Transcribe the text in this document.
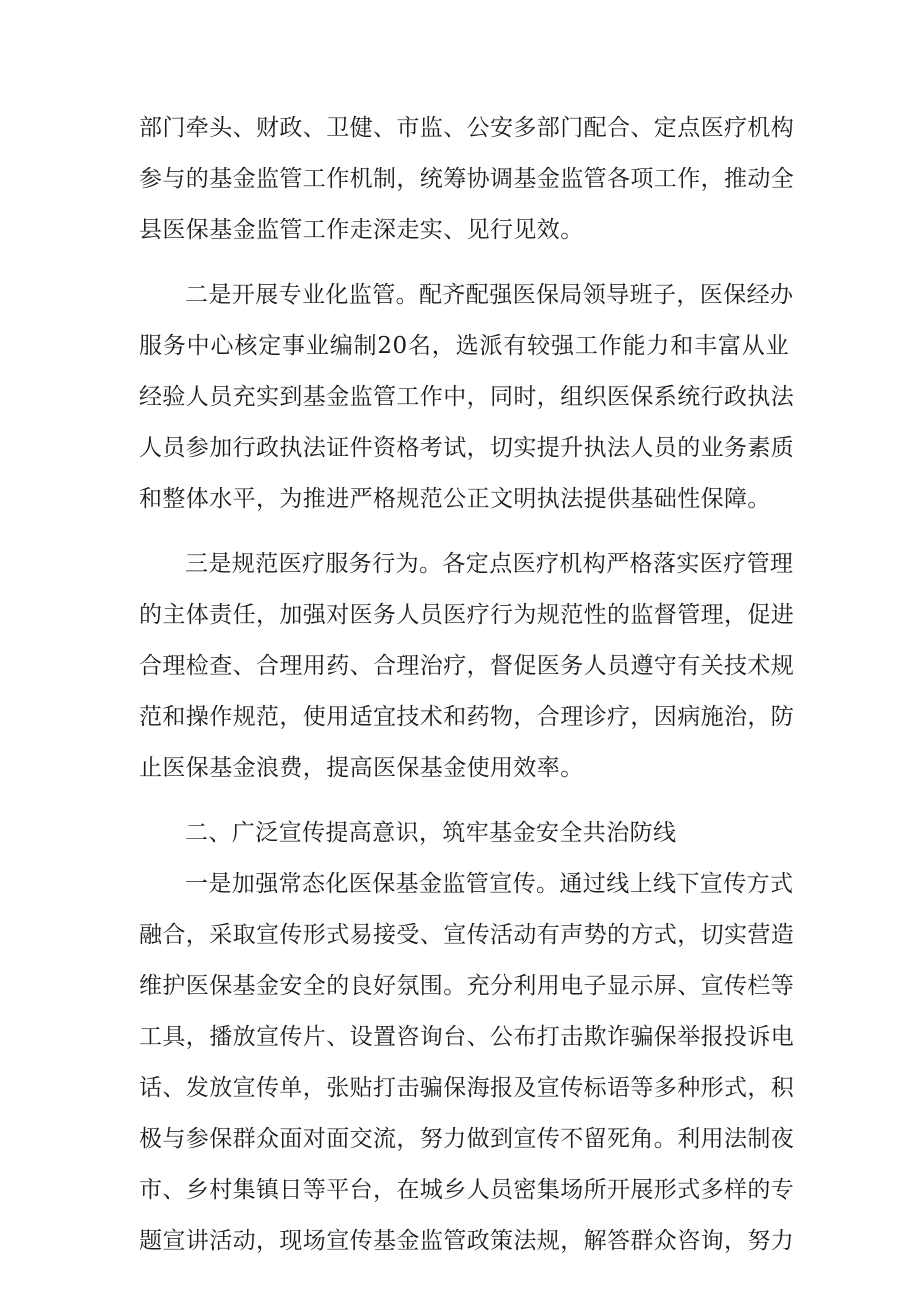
部门牵头、财政、卫健、市监、公安多部门配合、定点医疗机构
参与的基金监管工作机制，统筹协调基金监管各项工作，推动全
县医保基金监管工作走深走实、见行见效。
二是开展专业化监管。配齐配强医保局领导班子，医保经办
服务中心核定事业编制20名，选派有较强工作能力和丰富从业
经验人员充实到基金监管工作中，同时，组织医保系统行政执法
人员参加行政执法证件资格考试，切实提升执法人员的业务素质
和整体水平，为推进严格规范公正文明执法提供基础性保障。
三是规范医疗服务行为。各定点医疗机构严格落实医疗管理
的主体责任，加强对医务人员医疗行为规范性的监督管理，促进
合理检查、合理用药、合理治疗，督促医务人员遵守有关技术规
范和操作规范，使用适宜技术和药物，合理诊疗，因病施治，防
止医保基金浪费，提高医保基金使用效率。
二、广泛宣传提高意识，筑牢基金安全共治防线
一是加强常态化医保基金监管宣传。通过线上线下宣传方式
融合，采取宣传形式易接受、宣传活动有声势的方式，切实营造
维护医保基金安全的良好氛围。充分利用电子显示屏、宣传栏等
工具，播放宣传片、设置咨询台、公布打击欺诈骗保举报投诉电
话、发放宣传单，张贴打击骗保海报及宣传标语等多种形式，积
极与参保群众面对面交流，努力做到宣传不留死角。利用法制夜
市、乡村集镇日等平台，在城乡人员密集场所开展形式多样的专
题宣讲活动，现场宣传基金监管政策法规，解答群众咨询，努力
